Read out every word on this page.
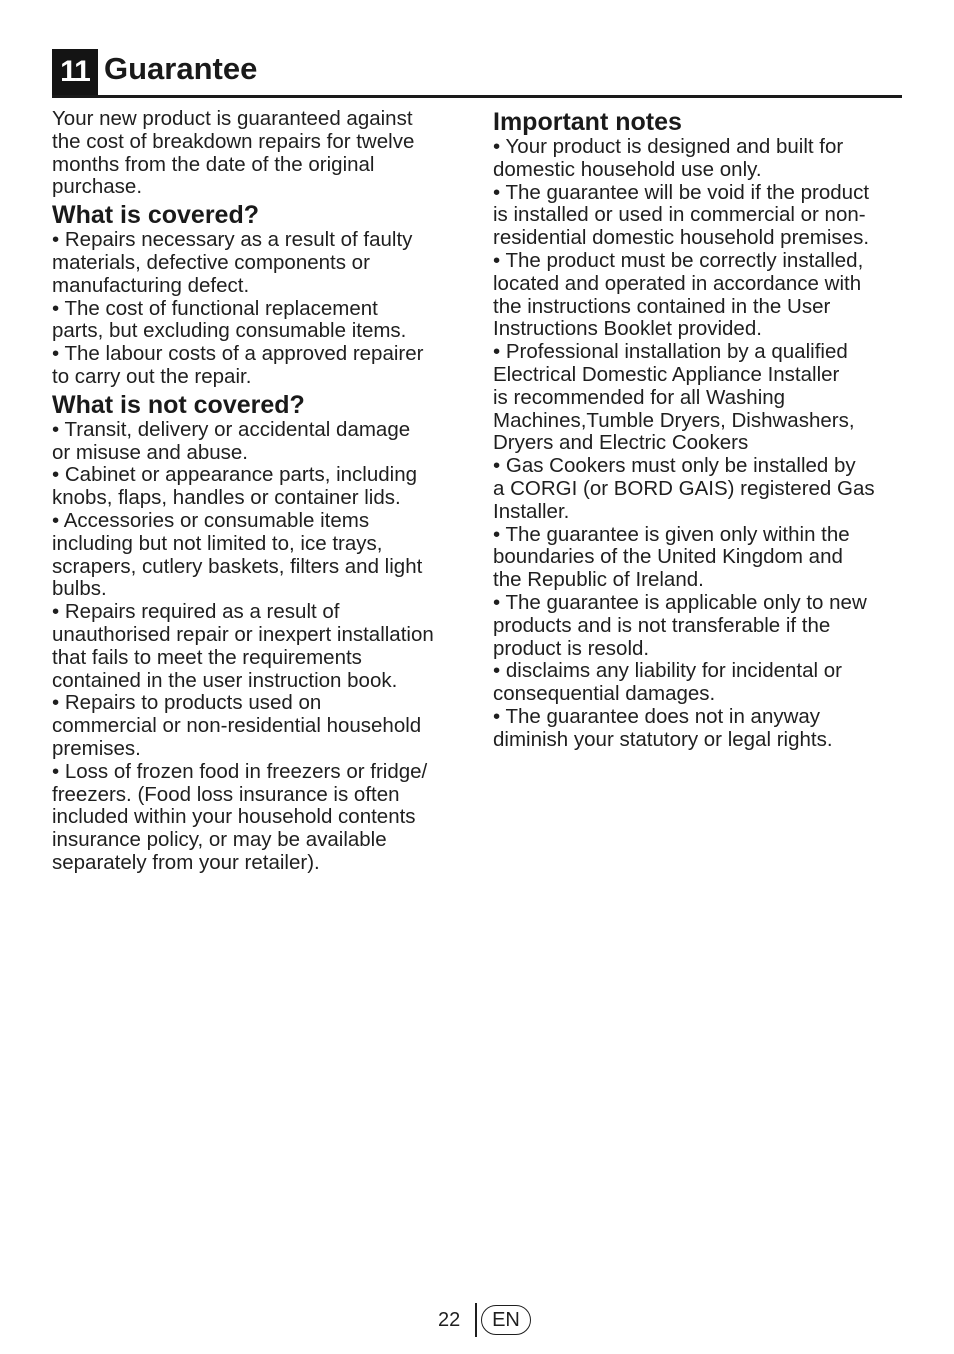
11 Guarantee

Your new product is guaranteed against
the cost of breakdown repairs for twelve
months from the date of the original
purchase.

What is covered?

• Repairs necessary as a result of faulty
materials, defective components or
manufacturing defect.
• The cost of functional replacement
parts, but excluding consumable items.
• The labour costs of a approved repairer
to carry out the repair.

What is not covered?

• Transit, delivery or accidental damage
or misuse and abuse.
• Cabinet or appearance parts, including
knobs, flaps, handles or container lids.
• Accessories or consumable items
including but not limited to, ice trays,
scrapers, cutlery baskets, filters and light
bulbs.
• Repairs required as a result of
unauthorised repair or inexpert installation
that fails to meet the requirements
contained in the user instruction book.
• Repairs to products used on
commercial or non-residential household
premises.
• Loss of frozen food in freezers or fridge/
freezers. (Food loss insurance is often
included within your household contents
insurance policy, or may be available
separately from your retailer).

Important notes

• Your product is designed and built for
domestic household use only.
• The guarantee will be void if the product
is installed or used in commercial or non-
residential domestic household premises.
• The product must be correctly installed,
located and operated in accordance with
the instructions contained in the User
Instructions Booklet provided.
• Professional installation by a qualified
Electrical Domestic Appliance Installer
is recommended for all Washing
Machines,Tumble Dryers, Dishwashers,
Dryers and Electric Cookers
• Gas Cookers must only be installed by
a CORGI (or BORD GAIS) registered Gas
Installer.
• The guarantee is given only within the
boundaries of the United Kingdom and
the Republic of Ireland.
• The guarantee is applicable only to new
products and is not transferable if the
product is resold.
• disclaims any liability for incidental or
consequential damages.
• The guarantee does not in anyway
diminish your statutory or legal rights.

22	EN
